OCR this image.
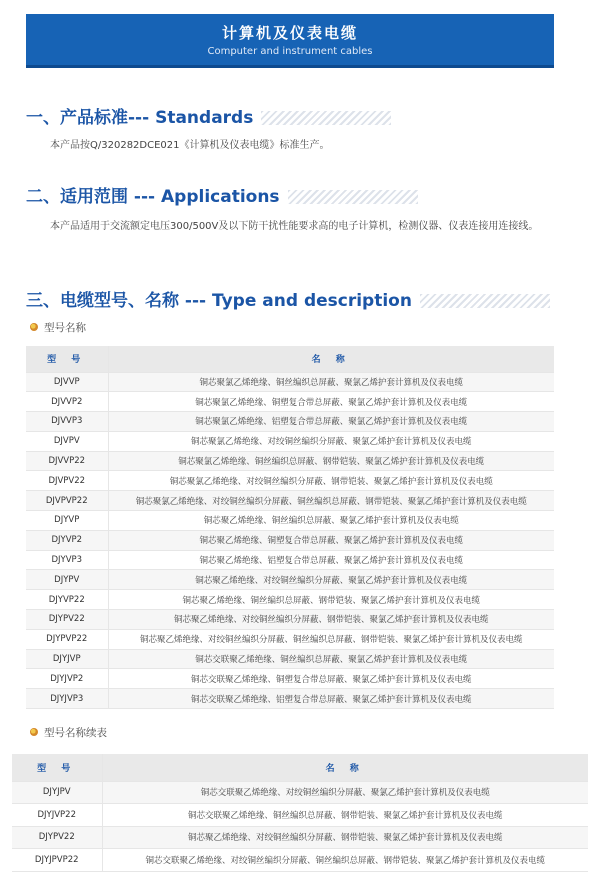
计算机及仪表电缆
Computer and instrument cables
一、产品标准--- Standards
本产品按Q/320282DCE021《计算机及仪表电缆》标准生产。
二、适用范围 --- Applications
本产品适用于交流额定电压300/500V及以下防干扰性能要求高的电子计算机，检测仪器、仪表连接用连接线。
三、电缆型号、名称 --- Type and description
型号名称
型 号	名 称
DJVVP	铜芯聚氯乙烯绝缘、铜丝编织总屏蔽、聚氯乙烯护套计算机及仪表电缆
DJVVP2	铜芯聚氯乙烯绝缘、铜塑复合带总屏蔽、聚氯乙烯护套计算机及仪表电缆
DJVVP3	铜芯聚氯乙烯绝缘、铝塑复合带总屏蔽、聚氯乙烯护套计算机及仪表电缆
DJVPV	铜芯聚氯乙烯绝缘、对绞铜丝编织分屏蔽、聚氯乙烯护套计算机及仪表电缆
DJVVP22	铜芯聚氯乙烯绝缘、铜丝编织总屏蔽、钢带铠装、聚氯乙烯护套计算机及仪表电缆
DJVPV22	铜芯聚氯乙烯绝缘、对绞铜丝编织分屏蔽、钢带铠装、聚氯乙烯护套计算机及仪表电缆
DJVPVP22	铜芯聚氯乙烯绝缘、对绞铜丝编织分屏蔽、铜丝编织总屏蔽、钢带铠装、聚氯乙烯护套计算机及仪表电缆
DJYVP	铜芯聚乙烯绝缘、铜丝编织总屏蔽、聚氯乙烯护套计算机及仪表电缆
DJYVP2	铜芯聚乙烯绝缘、铜塑复合带总屏蔽、聚氯乙烯护套计算机及仪表电缆
DJYVP3	铜芯聚乙烯绝缘、铝塑复合带总屏蔽、聚氯乙烯护套计算机及仪表电缆
DJYPV	铜芯聚乙烯绝缘、对绞铜丝编织分屏蔽、聚氯乙烯护套计算机及仪表电缆
DJYVP22	铜芯聚乙烯绝缘、铜丝编织总屏蔽、钢带铠装、聚氯乙烯护套计算机及仪表电缆
DJYPV22	铜芯聚乙烯绝缘、对绞铜丝编织分屏蔽、钢带铠装、聚氯乙烯护套计算机及仪表电缆
DJYPVP22	铜芯聚乙烯绝缘、对绞铜丝编织分屏蔽、铜丝编织总屏蔽、钢带铠装、聚氯乙烯护套计算机及仪表电缆
DJYJVP	铜芯交联聚乙烯绝缘、铜丝编织总屏蔽、聚氯乙烯护套计算机及仪表电缆
DJYJVP2	铜芯交联聚乙烯绝缘、铜塑复合带总屏蔽、聚氯乙烯护套计算机及仪表电缆
DJYJVP3	铜芯交联聚乙烯绝缘、铝塑复合带总屏蔽、聚氯乙烯护套计算机及仪表电缆
型号名称续表
型 号	名 称
DJYJPV	铜芯交联聚乙烯绝缘、对绞铜丝编织分屏蔽、聚氯乙烯护套计算机及仪表电缆
DJYJVP22	铜芯交联聚乙烯绝缘、铜丝编织总屏蔽、钢带铠装、聚氯乙烯护套计算机及仪表电缆
DJYPV22	铜芯聚乙烯绝缘、对绞铜丝编织分屏蔽、钢带铠装、聚氯乙烯护套计算机及仪表电缆
DJYJPVP22	铜芯交联聚乙烯绝缘、对绞铜丝编织分屏蔽、铜丝编织总屏蔽、钢带铠装、聚氯乙烯护套计算机及仪表电缆
